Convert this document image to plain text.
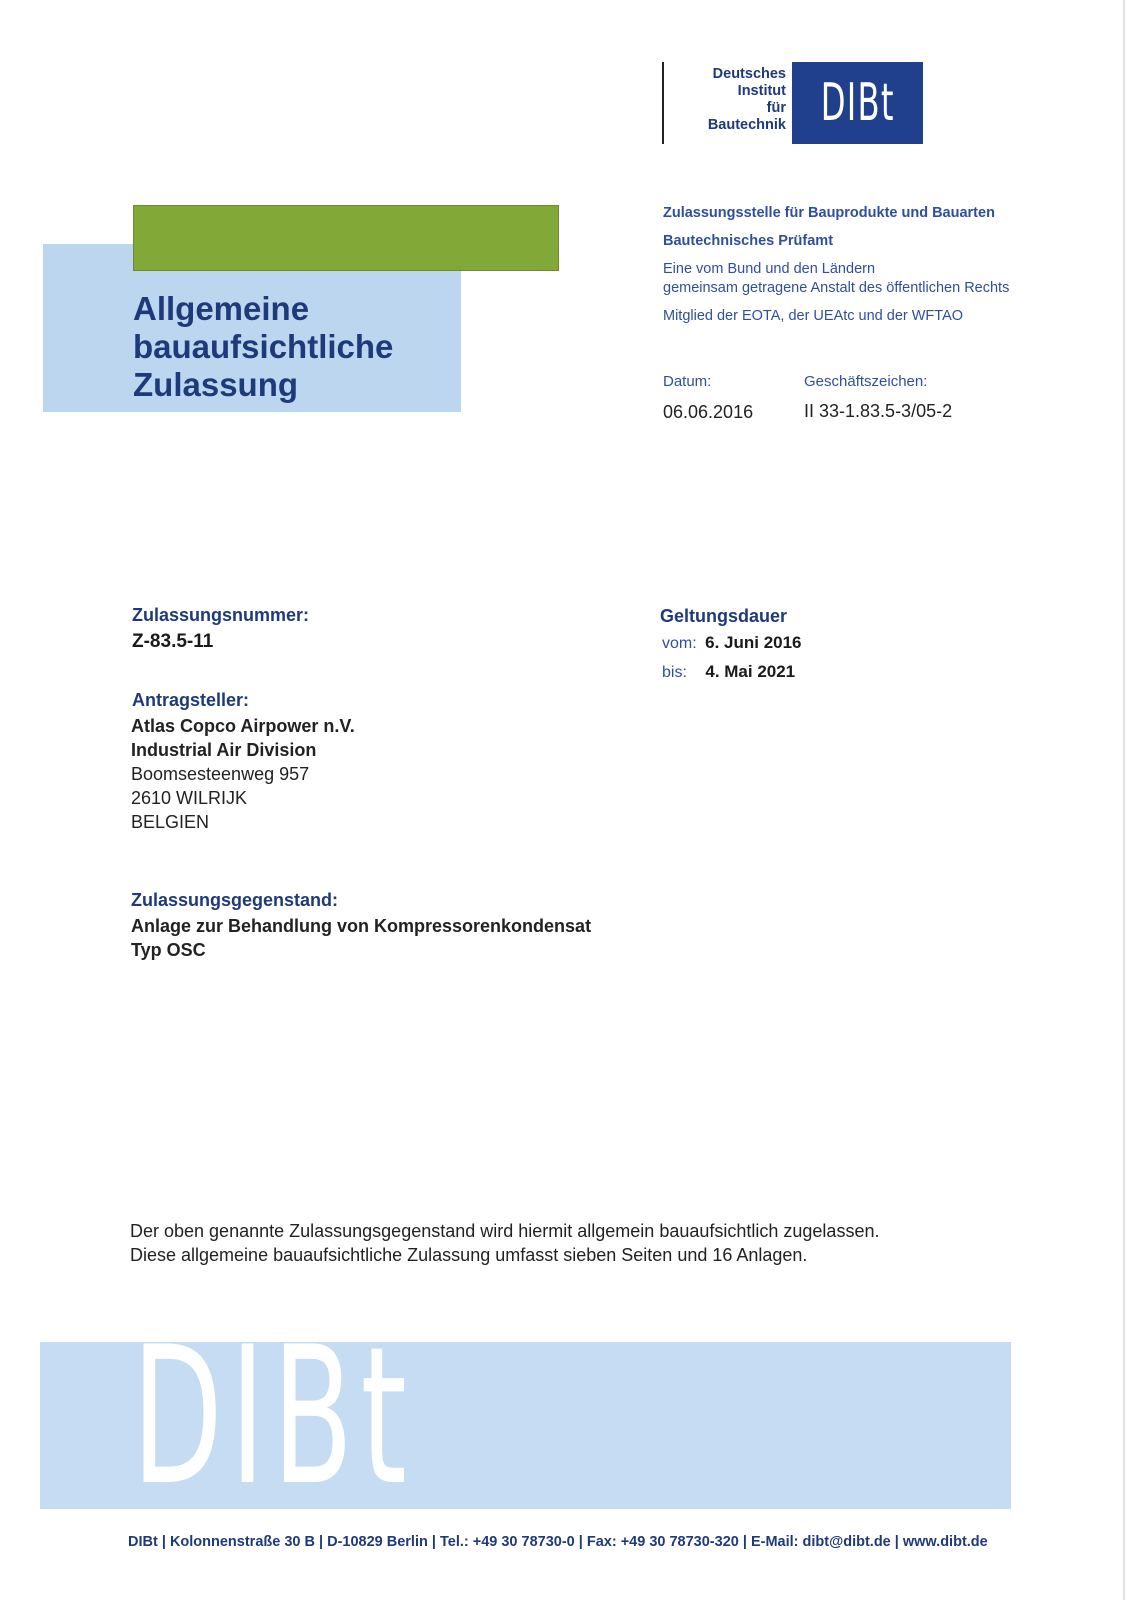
Deutsches
Institut
für
Bautechnik DIBt
Allgemeine
bauaufsichtliche
Zulassung
Zulassungsstelle für Bauprodukte und Bauarten
Bautechnisches Prüfamt
Eine vom Bund und den Ländern
gemeinsam getragene Anstalt des öffentlichen Rechts
Mitglied der EOTA, der UEAtc und der WFTAO
Datum:
06.06.2016
Geschäftszeichen:
II 33-1.83.5-3/05-2
Zulassungsnummer:
Z-83.5-11
Geltungsdauer
vom: 6. Juni 2016
bis: 4. Mai 2021
Antragsteller:
Atlas Copco Airpower n.V.
Industrial Air Division
Boomsesteenweg 957
2610 WILRIJK
BELGIEN
Zulassungsgegenstand:
Anlage zur Behandlung von Kompressorenkondensat
Typ OSC
Der oben genannte Zulassungsgegenstand wird hiermit allgemein bauaufsichtlich zugelassen.
Diese allgemeine bauaufsichtliche Zulassung umfasst sieben Seiten und 16 Anlagen.
DIBt
DIBt | Kolonnenstraße 30 B | D-10829 Berlin | Tel.: +49 30 78730-0 | Fax: +49 30 78730-320 | E-Mail: dibt@dibt.de | www.dibt.de
